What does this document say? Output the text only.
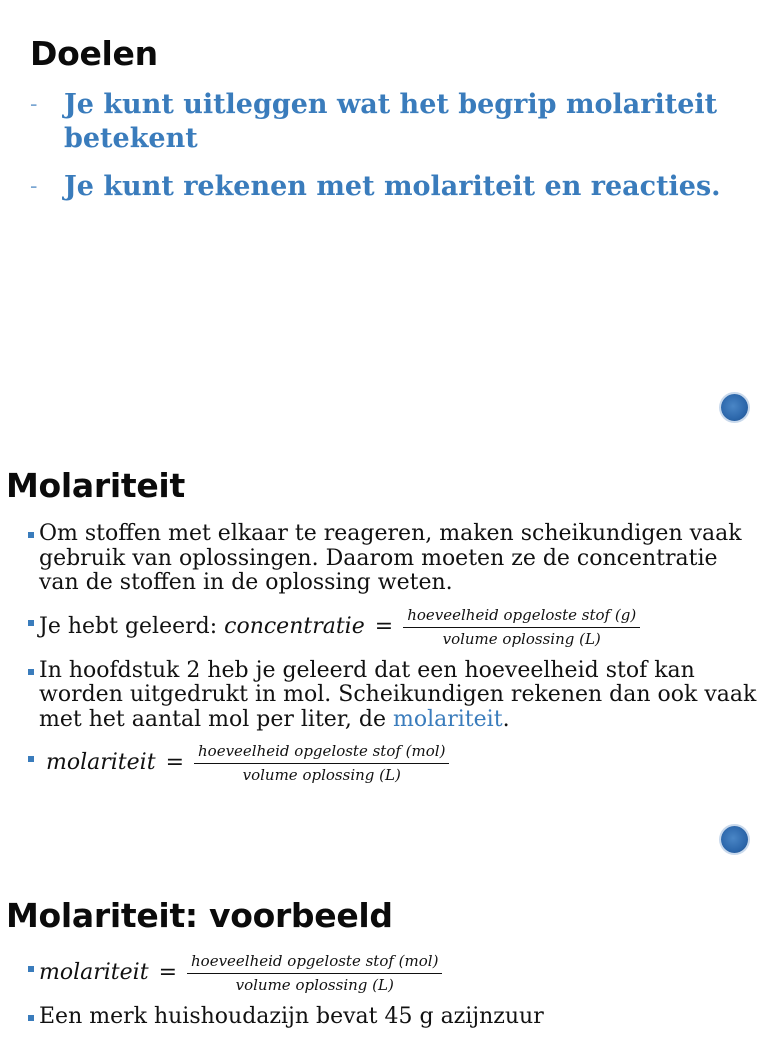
Doelen
- Je kunt uitleggen wat het begrip molariteit betekent
- Je kunt rekenen met molariteit en reacties.
Molariteit
Om stoffen met elkaar te reageren, maken scheikundigen vaak gebruik van oplossingen. Daarom moeten ze de concentratie van de stoffen in de oplossing weten.
Je hebt geleerd: concentratie = $\frac{\text{hoeveelheid opgeloste stof (g)}}{\text{volume oplossing (L)}}$
In hoofdstuk 2 heb je geleerd dat een hoeveelheid stof kan worden uitgedrukt in mol. Scheikundigen rekenen dan ook vaak met het aantal mol per liter, de molariteit.
molariteit = $\frac{\text{hoeveelheid opgeloste stof (mol)}}{\text{volume oplossing (L)}}$
Molariteit: voorbeeld
molariteit = $\frac{\text{hoeveelheid opgeloste stof (mol)}}{\text{volume oplossing (L)}}$
Een merk huishoudazijn bevat 45 g azijnzuur
